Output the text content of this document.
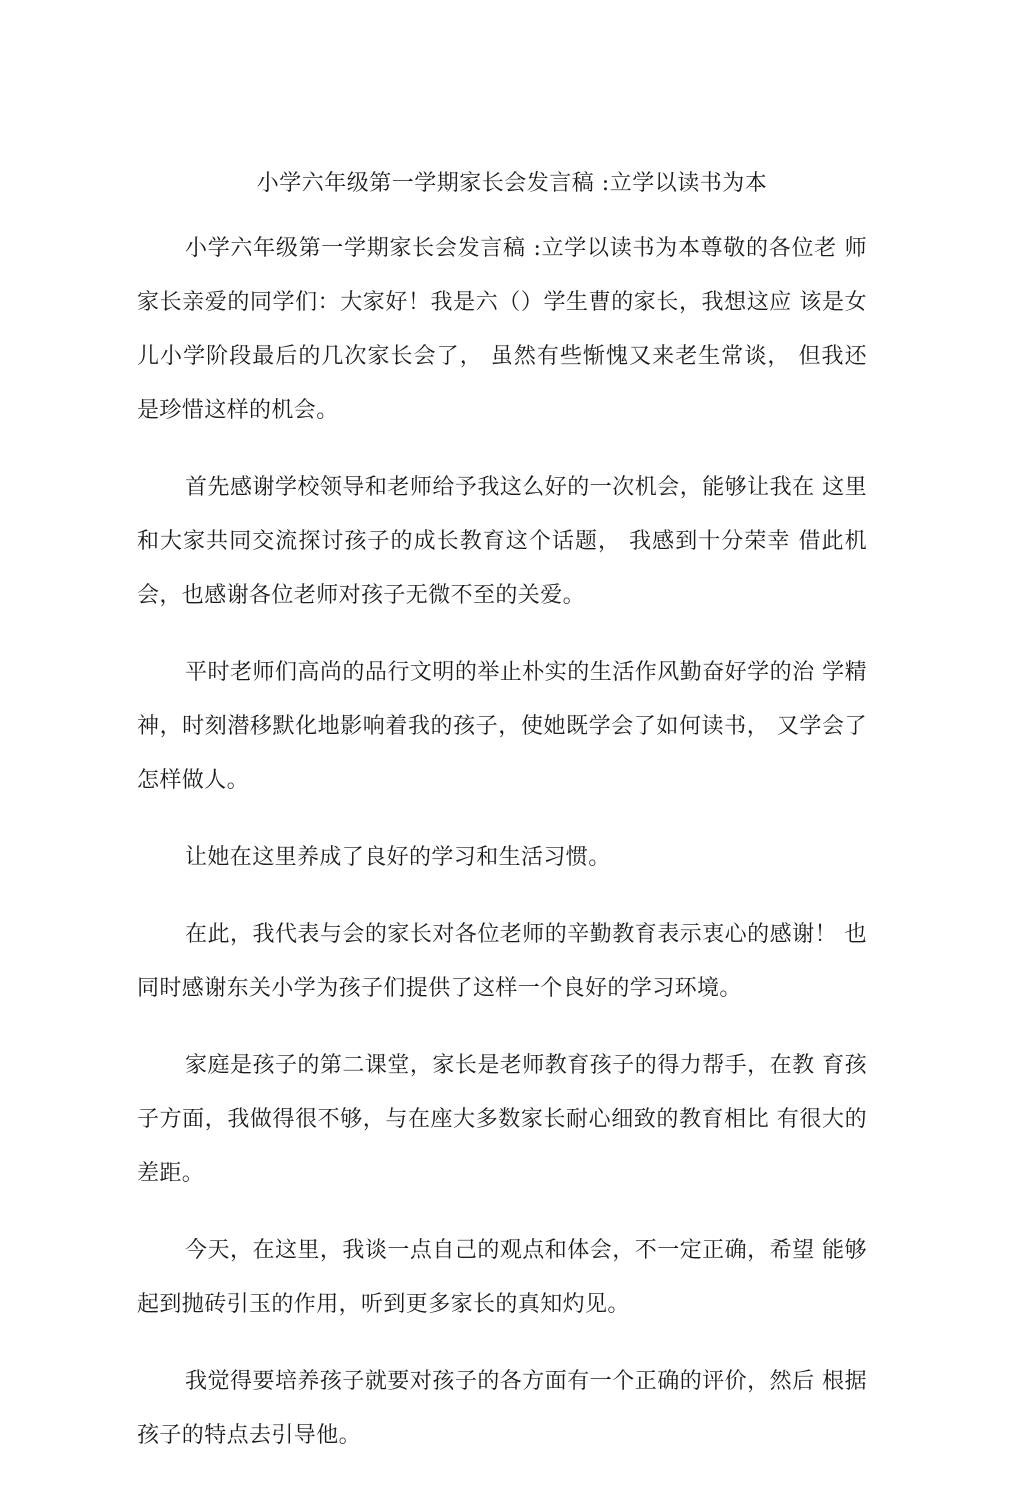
小学六年级第一学期家长会发言稿 :立学以读书为本

小学六年级第一学期家长会发言稿 :立学以读书为本尊敬的各位老 师家长亲爱的同学们：大家好！我是六（）学生曹的家长，我想这应 该是女儿小学阶段最后的几次家长会了， 虽然有些惭愧又来老生常谈， 但我还是珍惜这样的机会。

首先感谢学校领导和老师给予我这么好的一次机会，能够让我在 这里和大家共同交流探讨孩子的成长教育这个话题， 我感到十分荣幸 借此机会，也感谢各位老师对孩子无微不至的关爱。

平时老师们高尚的品行文明的举止朴实的生活作风勤奋好学的治 学精神，时刻潜移默化地影响着我的孩子，使她既学会了如何读书， 又学会了怎样做人。

让她在这里养成了良好的学习和生活习惯。

在此，我代表与会的家长对各位老师的辛勤教育表示衷心的感谢！ 也同时感谢东关小学为孩子们提供了这样一个良好的学习环境。

家庭是孩子的第二课堂，家长是老师教育孩子的得力帮手，在教 育孩子方面，我做得很不够，与在座大多数家长耐心细致的教育相比 有很大的差距。

今天，在这里，我谈一点自己的观点和体会，不一定正确，希望 能够起到抛砖引玉的作用，听到更多家长的真知灼见。

我觉得要培养孩子就要对孩子的各方面有一个正确的评价，然后 根据孩子的特点去引导他。
